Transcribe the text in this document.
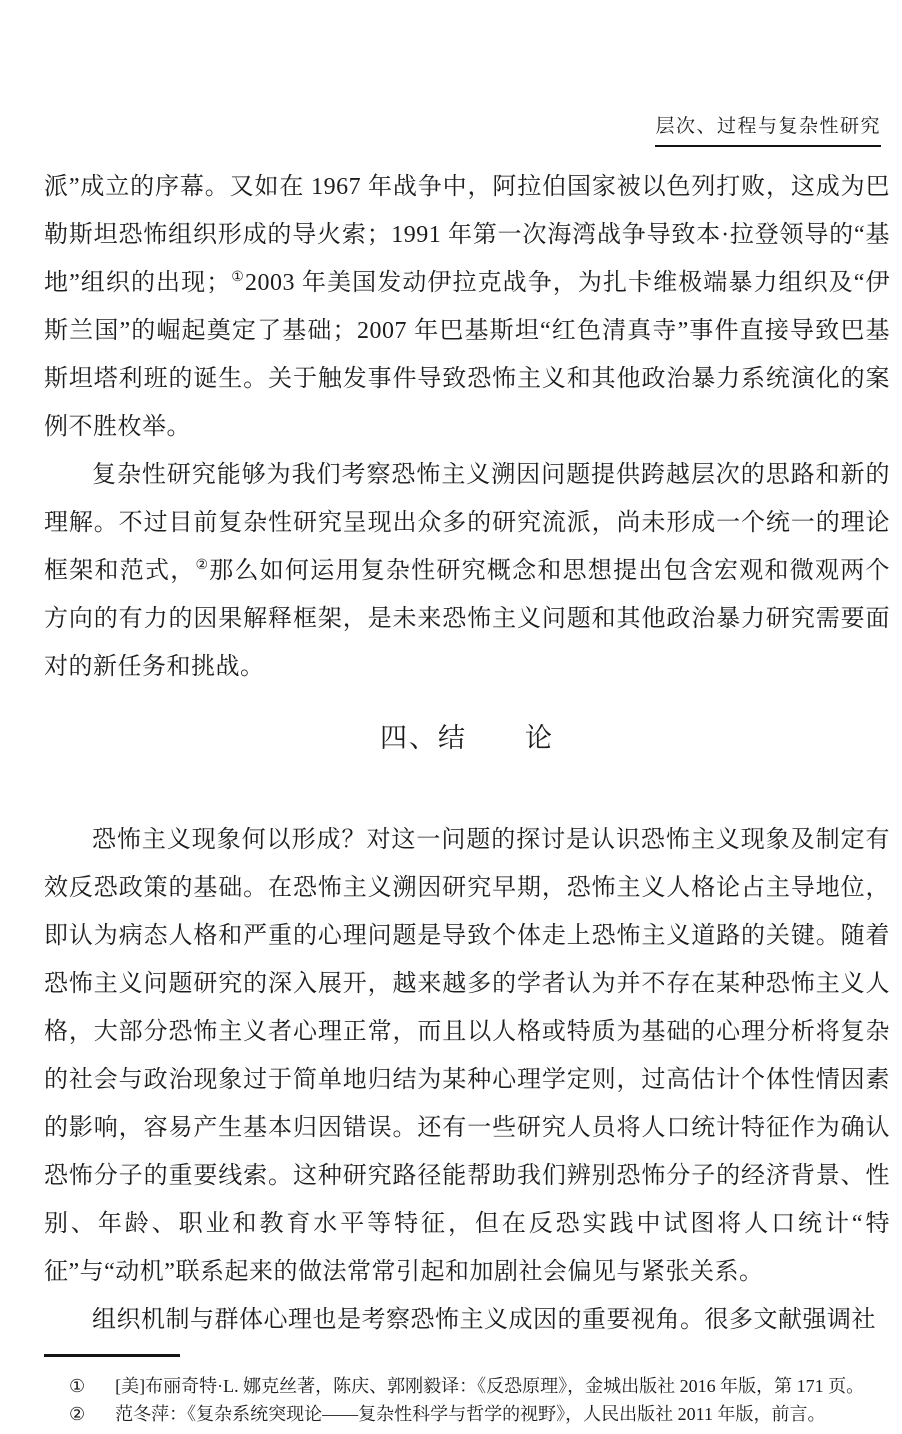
层次、过程与复杂性研究

派”成立的序幕。又如在 1967 年战争中，阿拉伯国家被以色列打败，这成为巴勒斯坦恐怖组织形成的导火索；1991 年第一次海湾战争导致本·拉登领导的“基地”组织的出现；①2003 年美国发动伊拉克战争，为扎卡维极端暴力组织及“伊斯兰国”的崛起奠定了基础；2007 年巴基斯坦“红色清真寺”事件直接导致巴基斯坦塔利班的诞生。关于触发事件导致恐怖主义和其他政治暴力系统演化的案例不胜枚举。

复杂性研究能够为我们考察恐怖主义溯因问题提供跨越层次的思路和新的理解。不过目前复杂性研究呈现出众多的研究流派，尚未形成一个统一的理论框架和范式，②那么如何运用复杂性研究概念和思想提出包含宏观和微观两个方向的有力的因果解释框架，是未来恐怖主义问题和其他政治暴力研究需要面对的新任务和挑战。

四、结　　论

恐怖主义现象何以形成？对这一问题的探讨是认识恐怖主义现象及制定有效反恐政策的基础。在恐怖主义溯因研究早期，恐怖主义人格论占主导地位，即认为病态人格和严重的心理问题是导致个体走上恐怖主义道路的关键。随着恐怖主义问题研究的深入展开，越来越多的学者认为并不存在某种恐怖主义人格，大部分恐怖主义者心理正常，而且以人格或特质为基础的心理分析将复杂的社会与政治现象过于简单地归结为某种心理学定则，过高估计个体性情因素的影响，容易产生基本归因错误。还有一些研究人员将人口统计特征作为确认恐怖分子的重要线索。这种研究路径能帮助我们辨别恐怖分子的经济背景、性别、年龄、职业和教育水平等特征，但在反恐实践中试图将人口统计“特征”与“动机”联系起来的做法常常引起和加剧社会偏见与紧张关系。

组织机制与群体心理也是考察恐怖主义成因的重要视角。很多文献强调社

① [美]布丽奇特·L. 娜克丝著，陈庆、郭刚毅译：《反恐原理》，金城出版社 2016 年版，第 171 页。
② 范冬萍：《复杂系统突现论——复杂性科学与哲学的视野》，人民出版社 2011 年版，前言。
